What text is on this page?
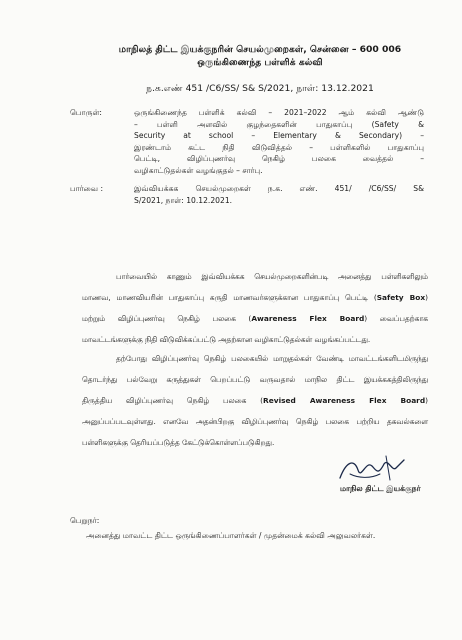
மாநிலத் திட்ட இயக்குநரின் செயல்முறைகள், சென்னை – 600 006
ஒருங்கிணைந்த பள்ளிக் கல்வி
ந.க.எண் 451 /C6/SS/ S& S/2021, நாள்: 13.12.2021
பொருள்:	ஒருங்கிணைந்த பள்ளிக் கல்வி – 2021–2022 ஆம் கல்வி ஆண்டு
– பள்ளி அளவில் குழந்தைகளின் பாதுகாப்பு (Safety &
Security at school – Elementary & Secondary) –
இரண்டாம் கட்ட நிதி விடுவித்தல் – பள்ளிகளில் பாதுகாப்பு
பெட்டி, விழிப்புணர்வு நெகிழ் பலகை வைத்தல் –
வழிகாட்டுதல்கள் வழங்குதல் – சார்பு.
பார்வை :	இவ்வியக்கக செயல்முறைகள் ந.க. எண். 451/ /C6/SS/ S&
S/2021, நாள்: 10.12.2021.
பார்வையில் காணும் இவ்வியக்கக செயல்முறைகளின்படி அனைத்து பள்ளிகளிலும்
மாணவ, மாணவியரின் பாதுகாப்பு கருதி மாணவர்களுக்கான பாதுகாப்பு பெட்டி (Safety Box)
மற்றும் விழிப்புணர்வு நெகிழ் பலகை (Awareness Flex Board) வைப்பதற்காக
மாவட்டங்களுக்கு நிதி விடுவிக்கப்பட்டு அதற்கான வழிகாட்டுதல்கள் வழங்கப்பட்டது.
தற்போது விழிப்புணர்வு நெகிழ் பலகையில் மாறுதல்கள் வேண்டி மாவட்டங்களிடமிருந்து
தொடர்ந்து பல்வேறு கருத்துகள் பெறப்பட்டு வருவதால் மாநில திட்ட இயக்ககத்திலிருந்து
திருத்திய விழிப்புணர்வு நெகிழ் பலகை (Revised Awareness Flex Board)
அனுப்பப்படவுள்ளது. எனவே அதன்பிறகு விழிப்புணர்வு நெகிழ் பலகை பற்றிய தகவல்களை
பள்ளிகளுக்கு தெரியப்படுத்த கேட்டுக்கொள்ளப்படுகிறது.
மாநில திட்ட இயக்குநர்
பெறுநர்:
அனைத்து மாவட்ட திட்ட ஒருங்கிணைப்பாளர்கள் / முதன்மைக் கல்வி அலுவலர்கள்.
